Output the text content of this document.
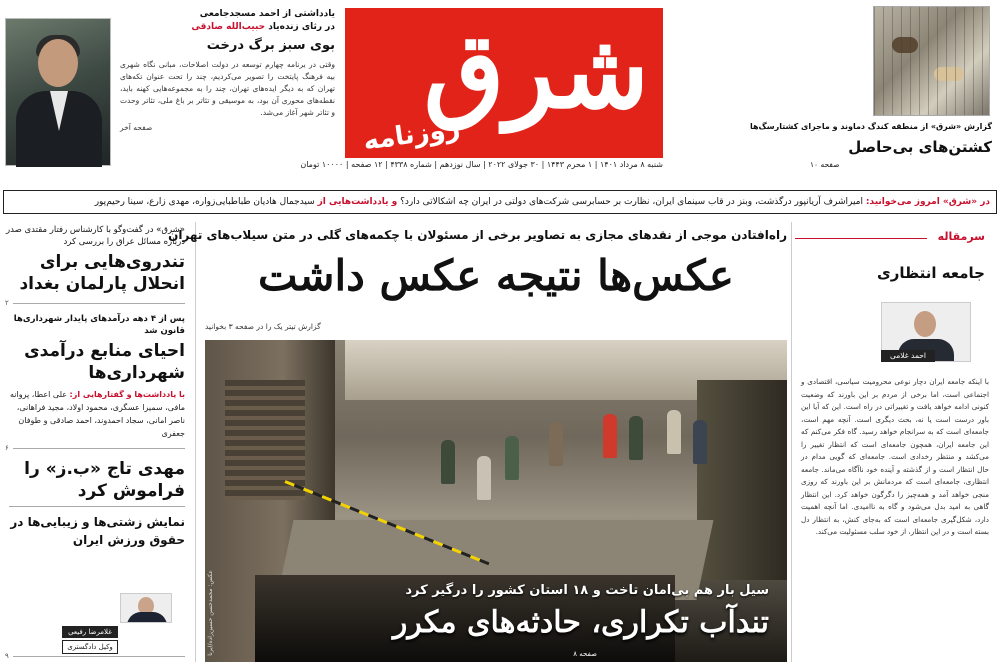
یادداشتی از احمد مسجدجامعی
در رثای زنده‌یاد حبیب‌الله صادقی
بوی سبز برگ درخت
وقتی در برنامه چهارم توسعه در دولت اصلاحات، مبانی نگاه شهری بیه فرهنگ پایتخت را تصویر می‌کردیم، چند را تحت عنوان تکه‌های تهران که به دیگر ایده‌های تهران، چند را به مجموعه‌هایی کهنه باید، نقطه‌های محوری آن بود، به موسیقی و تئاتر بر باغ ملی، تئاتر وحدت و تئاتر شهر آغاز می‌شد.
صفحه آخر	شرق
روزنامه
شنبه ۸ مرداد ۱۴۰۱ | ۱ محرم ۱۴۴۳ | ۳۰ جولای ۲۰۲۲ | سال نوزدهم | شماره ۴۳۳۸ | ۱۲ صفحه | ۱۰۰۰۰ تومان
گزارش «شرق» از منطقه کندگ دماوند و ماجرای کشتارسگ‌ها
کشتن‌های بی‌حاصل
صفحه ۱۰
در «شرق» امروز می‌خوانید: امیراشرف آریانپور درگذشت، وبنز در قاب سینمای ایران، نظارت بر حسابرسی شرکت‌های دولتی در ایران چه اشکالاتی دارد؟ و یادداشت‌هایی از سیدجمال هادیان طباطبایی‌زواره، مهدی زارع، سینا رحیم‌پور
«شرق» در گفت‌وگو با کارشناس رفتار مقتدی صدر درباره مسائل عراق را بررسی کرد
تندروی‌هایی برای انحلال پارلمان بغداد
۲
پس از ۴ دهه درآمدهای پایدار شهرداری‌ها قانون شد
احیای منابع درآمدی شهرداری‌ها
با یادداشت‌ها و گفتارهایی از: علی اعطا، پروانه مافی، سمیرا عسگری، محمود اولاد، مجید فراهانی، ناصر امانی، سجاد احمدوند، احمد صادقی و طوفان جعفری
۶
مهدی تاج «ب.ز» را فراموش کرد
نمایش زشتی‌ها و زیبایی‌ها در حقوق ورزش ایران
غلامرضا رفیعی
وکیل دادگستری
۹
راه‌افتادن موجی از نقدهای مجازی به تصاویر برخی از مسئولان با چکمه‌های گلی در متن سیلاب‌های تهران
عکس‌ها نتیجه عکس داشت
گزارش تیتر یک را در صفحه ۳ بخوانید
سیل بار هم بی‌امان تاخت و ۱۸ استان کشور را درگیر کرد
تندآب تکراری، حادثه‌های مکرر
صفحه ۸
عکس: محمدحسن حسین‌زاده/ایرنا
سرمقاله
جامعه انتظاری
احمد غلامی
با اینکه جامعه ایران دچار نوعی محرومیت سیاسی، اقتصادی و اجتماعی است، اما برخی از مردم بر این باورند که وضعیت کنونی ادامه خواهد یافت و تغییراتی در راه است. این که آیا این باور درست است یا نه، بحث دیگری است. آنچه مهم است، جامعه‌ای است که به سرانجام خواهد رسید. گاه فکر می‌کنم که این جامعه ایران، همچون جامعه‌ای است که انتظار تغییر را می‌کشد و منتظر رخدادی است. جامعه‌ای که گویی مدام در حال انتظار است و از گذشته و آینده خود ناآگاه می‌ماند. جامعه انتظاری، جامعه‌ای است که مردمانش بر این باورند که روزی منجی خواهد آمد و همه‌چیز را دگرگون خواهد کرد. این انتظار گاهی به امید بدل می‌شود و گاه به ناامیدی. اما آنچه اهمیت دارد، شکل‌گیری جامعه‌ای است که به‌جای کنش، به انتظار دل بسته است و در این انتظار، از خود سلب مسئولیت می‌کند.
